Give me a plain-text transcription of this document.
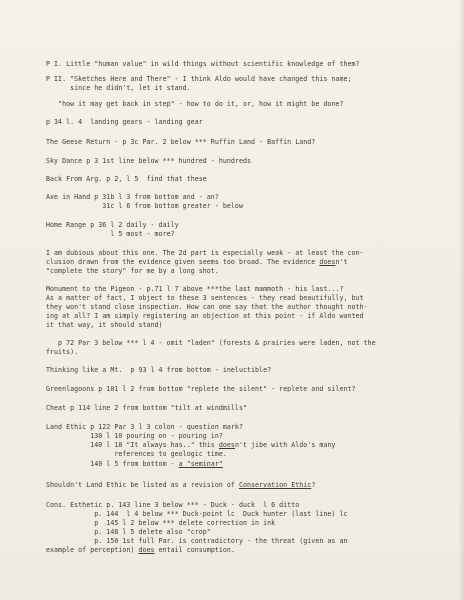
P I. Little "human value" in wild things without scientific knowledge of them?
P II. "Sketches Here and There" - I think Aldo would have changed this name;
since he didn't, let it stand.
"how it may get back in step" - how to do it, or, how it might be done?
p 34 l. 4  landing gears - landing gear
The Geese Return - p 3c Par. 2 below *** Ruffin Land - Baffin Land?
Sky Dance p 3 1st line below *** hundred - hundreds
Back From Arg. p 2, l 5  find that these
Axe in Hand p 31b l 3 from bottom and - an?
31c l 6 from bottom greater - below
Home Range p 36 l 2 daily - daily
l 5 most - more?
I am dubious about this one. The 2d part is especially weak - at least the con-
clusion drawn from the evidence given seems too broad. The evidence doesn't
"complete the story" for me by a long shot.
Monument to the Pigeon - p.71 l 7 above ***the last mammoth - his last...?
As a matter of fact, I object to these 3 sentences - they read beautifully, but
they won't stand close inspection. How can one say that the author thought noth-
ing at all? I am simply registering an objection at this point - if Aldo wanted
it that way, it should stand)
p 72 Par 3 below *** l 4 - omit "laden" (forests & prairies were laden, not the
fruits).
Thinking like a Mt.  p 93 l 4 from bottom - ineluctible?
Greenlagoons p 101 l 2 from bottom "replete the silent" - replete and silent?
Cheat p 114 line 2 from bottom "tilt at windmills"
Land Ethic p 122 Par 3 l 3 colon - question mark?
130 l 10 pouring on - pouring in?
140 l 18 "It always has.." this doesn't jibe with Aldo's many
references to geologic time.
140 l 5 from bottom - a "seminar"
Shouldn't Land Ethic be listed as a revision of Conservation Ethic?
Cons. Esthetic p. 143 line 3 below *** - Duck - duck  l 6 ditto
p. 144  l 4 below *** Duck-point lc  Duck hunter (last line) lc
p  145 l 2 below *** delete correction in ink
p. 148 l 5 delete also "crop"
p. 150 1st full Par. is contradictory - the threat (given as an
example of perception) does entail consumption.
